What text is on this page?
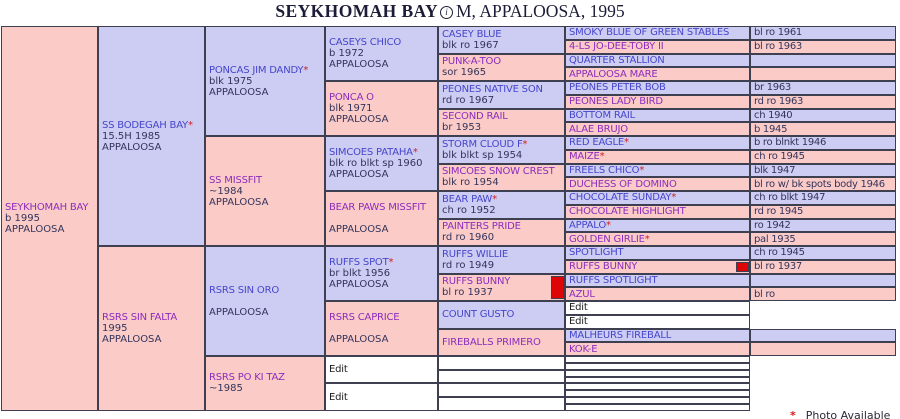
SEYKHOMAH BAY i M, APPALOOSA, 1995
SEYKHOMAH BAY
b 1995
APPALOOSA
SS BODEGAH BAY*
15.5H 1985
APPALOOSA
RSRS SIN FALTA
1995
APPALOOSA
PONCAS JIM DANDY*
blk 1975
APPALOOSA
SS MISSFIT
~1984
APPALOOSA
RSRS SIN ORO
APPALOOSA
RSRS PO KI TAZ
~1985
CASEYS CHICO
b 1972
APPALOOSA
PONCA O
blk 1971
APPALOOSA
SIMCOES PATAHA*
blk ro blkt sp 1960
APPALOOSA
BEAR PAWS MISSFIT
APPALOOSA
RUFFS SPOT*
br blkt 1956
APPALOOSA
RSRS CAPRICE
APPALOOSA
Edit
Edit
CASEY BLUE
blk ro 1967
PUNK-A-TOO
sor 1965
PEONES NATIVE SON
rd ro 1967
SECOND RAIL
br 1953
STORM CLOUD F*
blk blkt sp 1954
SIMCOES SNOW CREST
blk ro 1954
BEAR PAW*
ch ro 1952
PAINTERS PRIDE
rd ro 1960
RUFFS WILLIE
rd ro 1949
RUFFS BUNNY
bl ro 1937
COUNT GUSTO
FIREBALLS PRIMERO
SMOKY BLUE OF GREEN STABLES
4-LS JO-DEE-TOBY II
QUARTER STALLION
APPALOOSA MARE
PEONES PETER BOB
PEONES LADY BIRD
BOTTOM RAIL
ALAE BRUJO
RED EAGLE*
MAIZE*
FREELS CHICO*
DUCHESS OF DOMINO
CHOCOLATE SUNDAY*
CHOCOLATE HIGHLIGHT
APPALO*
GOLDEN GIRLIE*
SPOTLIGHT
RUFFS BUNNY
RUFFS SPOTLIGHT
AZUL
Edit
Edit
MALHEURS FIREBALL
KOK-E
bl ro 1961
bl ro 1963
br 1963
rd ro 1963
ch 1940
b 1945
b ro blnkt 1946
ch ro 1945
blk 1947
bl ro w/ bk spots body 1946
ch ro blkt 1947
rd ro 1945
ro 1942
pal 1935
ch ro 1945
bl ro 1937
bl ro
* Photo Available
